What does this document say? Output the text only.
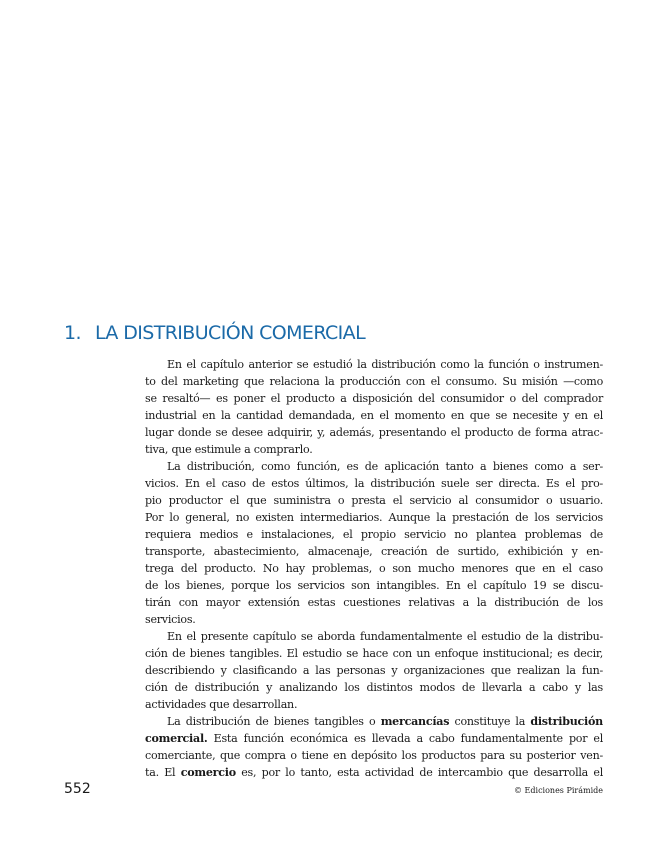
1. LA DISTRIBUCIÓN COMERCIAL
En el capítulo anterior se estudió la distribución como la función o instrumen-
to del marketing que relaciona la producción con el consumo. Su misión —como
se resaltó— es poner el producto a disposición del consumidor o del comprador
industrial en la cantidad demandada, en el momento en que se necesite y en el
lugar donde se desee adquirir, y, además, presentando el producto de forma atrac-
tiva, que estimule a comprarlo.
La distribución, como función, es de aplicación tanto a bienes como a ser-
vicios. En el caso de estos últimos, la distribución suele ser directa. Es el pro-
pio productor el que suministra o presta el servicio al consumidor o usuario.
Por lo general, no existen intermediarios. Aunque la prestación de los servicios
requiera medios e instalaciones, el propio servicio no plantea problemas de
transporte, abastecimiento, almacenaje, creación de surtido, exhibición y en-
trega del producto. No hay problemas, o son mucho menores que en el caso
de los bienes, porque los servicios son intangibles. En el capítulo 19 se discu-
tirán con mayor extensión estas cuestiones relativas a la distribución de los
servicios.
En el presente capítulo se aborda fundamentalmente el estudio de la distribu-
ción de bienes tangibles. El estudio se hace con un enfoque institucional; es decir,
describiendo y clasificando a las personas y organizaciones que realizan la fun-
ción de distribución y analizando los distintos modos de llevarla a cabo y las
actividades que desarrollan.
La distribución de bienes tangibles o mercancías constituye la distribución
comercial. Esta función económica es llevada a cabo fundamentalmente por el
comerciante, que compra o tiene en depósito los productos para su posterior ven-
ta. El comercio es, por lo tanto, esta actividad de intercambio que desarrolla el
552	© Ediciones Pirámide
